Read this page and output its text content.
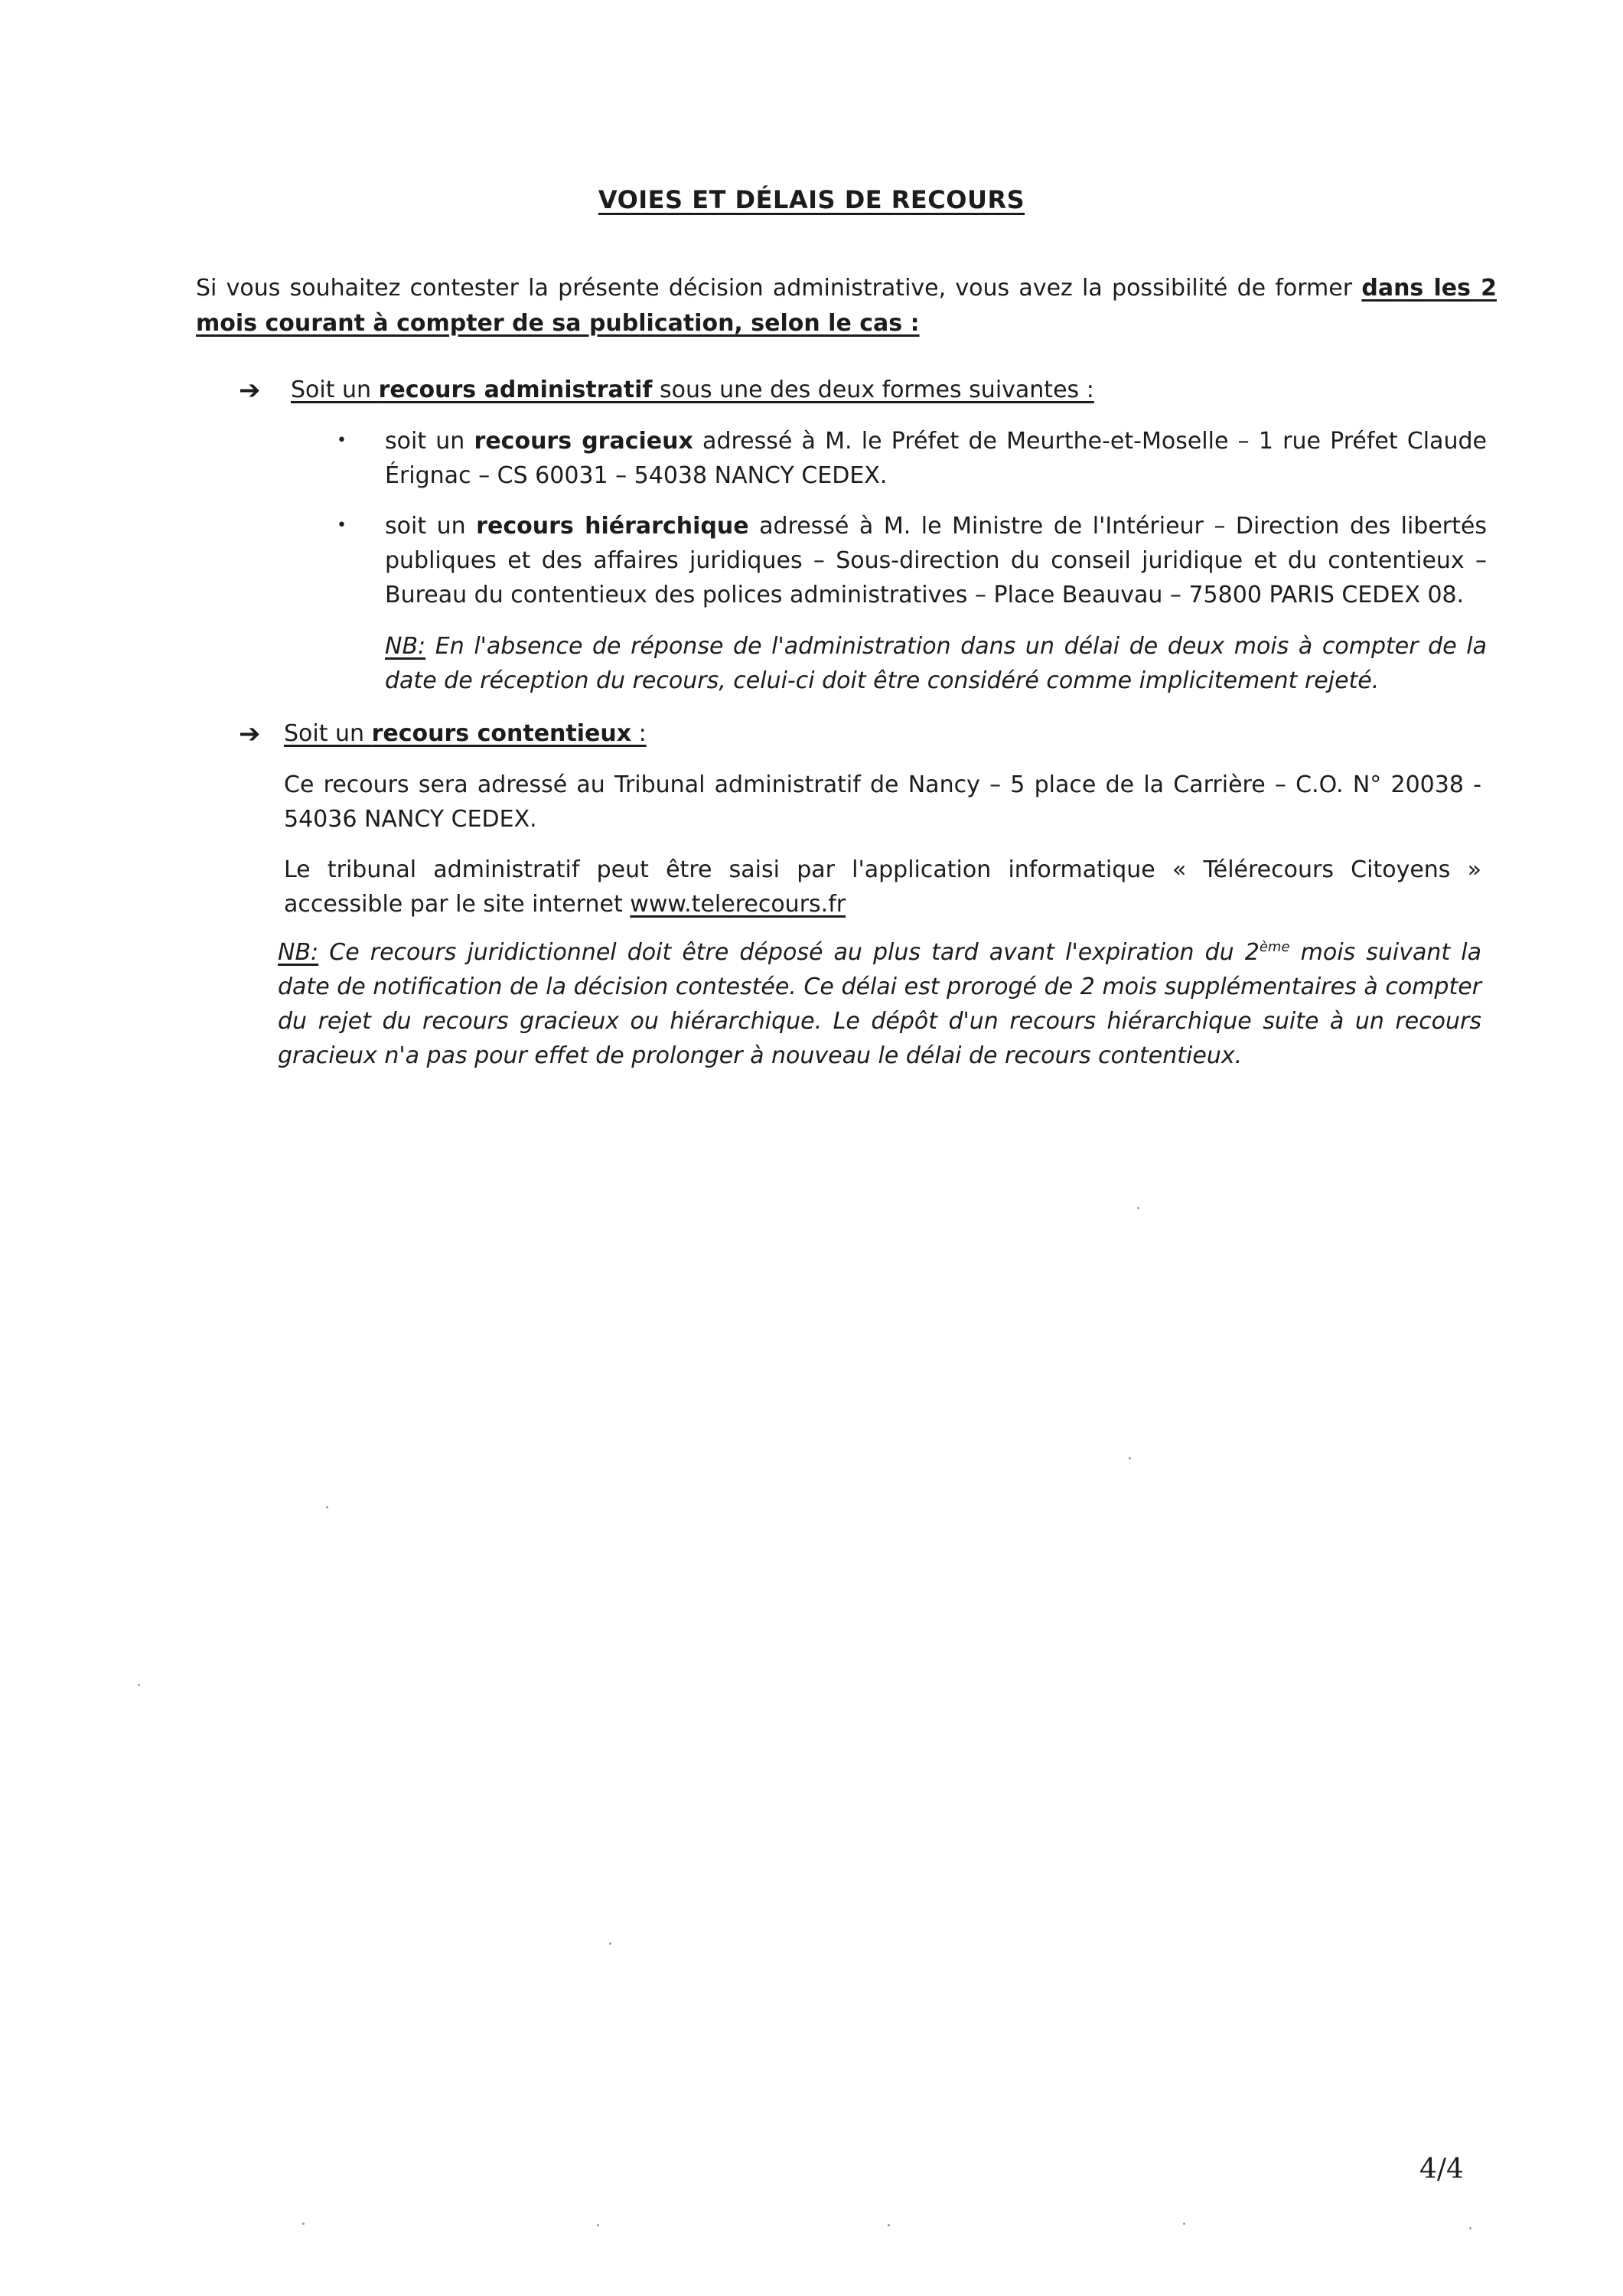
VOIES ET DÉLAIS DE RECOURS

Si vous souhaitez contester la présente décision administrative, vous avez la possibilité de former dans les 2 mois courant à compter de sa publication, selon le cas :

➔ Soit un recours administratif sous une des deux formes suivantes :
• soit un recours gracieux adressé à M. le Préfet de Meurthe-et-Moselle – 1 rue Préfet Claude Érignac – CS 60031 – 54038 NANCY CEDEX.

• soit un recours hiérarchique adressé à M. le Ministre de l'Intérieur – Direction des libertés publiques et des affaires juridiques – Sous-direction du conseil juridique et du contentieux – Bureau du contentieux des polices administratives – Place Beauvau – 75800 PARIS CEDEX 08.

NB: En l'absence de réponse de l'administration dans un délai de deux mois à compter de la date de réception du recours, celui-ci doit être considéré comme implicitement rejeté.

➔ Soit un recours contentieux :

Ce recours sera adressé au Tribunal administratif de Nancy – 5 place de la Carrière – C.O. N° 20038 - 54036 NANCY CEDEX.

Le tribunal administratif peut être saisi par l'application informatique « Télérecours Citoyens » accessible par le site internet www.telerecours.fr

NB: Ce recours juridictionnel doit être déposé au plus tard avant l'expiration du 2ème mois suivant la date de notification de la décision contestée. Ce délai est prorogé de 2 mois supplémentaires à compter du rejet du recours gracieux ou hiérarchique. Le dépôt d'un recours hiérarchique suite à un recours gracieux n'a pas pour effet de prolonger à nouveau le délai de recours contentieux.

4/4
